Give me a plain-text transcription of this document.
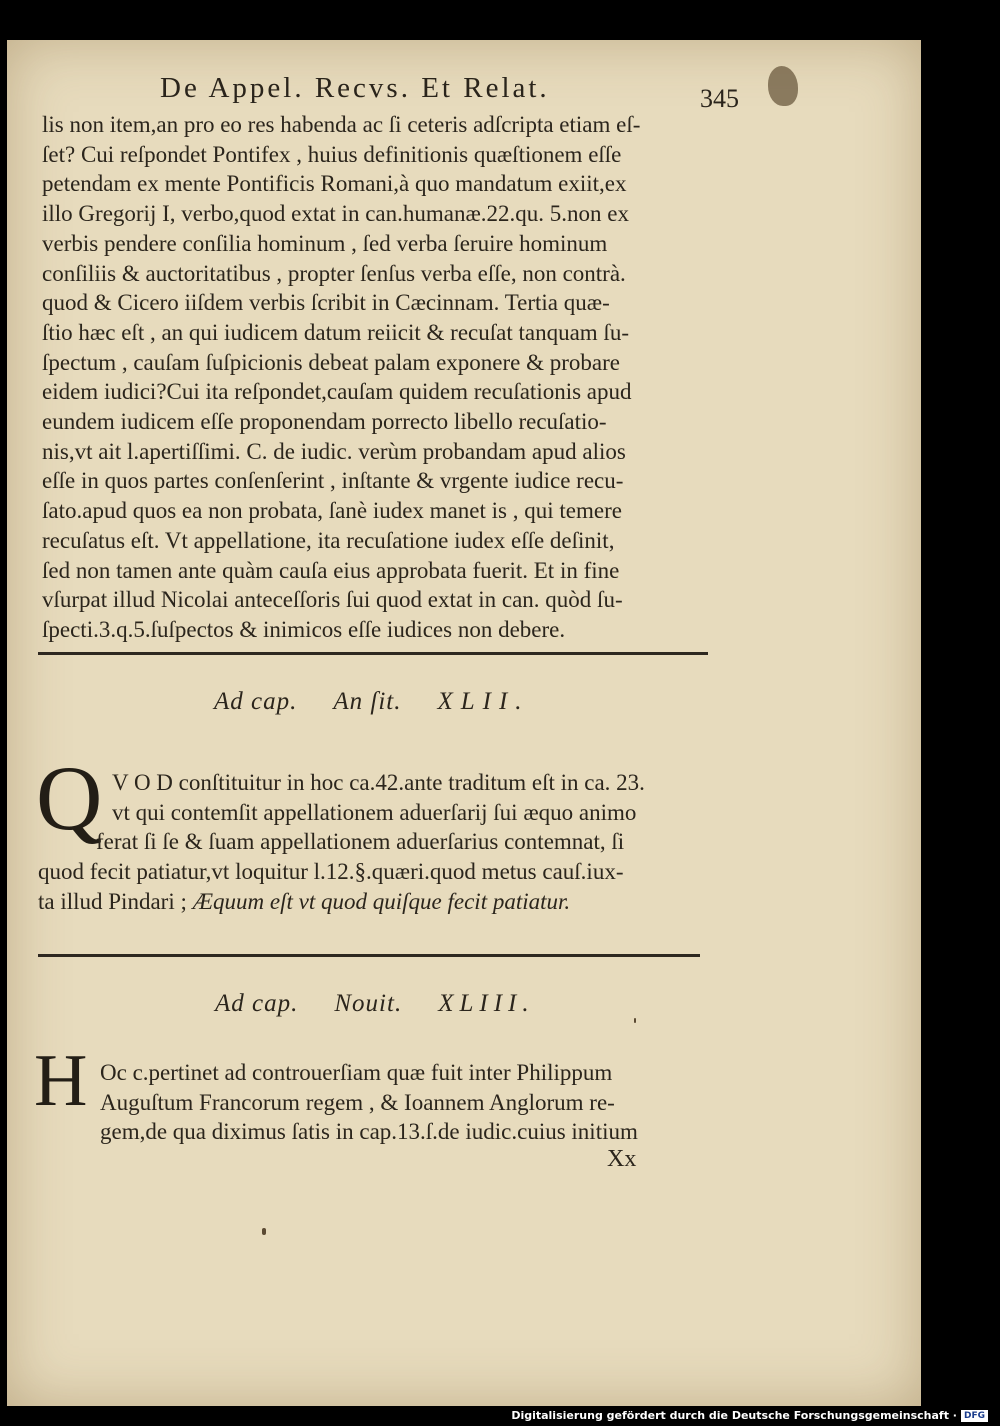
De Appel. Recvs. Et Relat.	345

lis non item,an pro eo res habenda ac ſi ceteris adſcripta etiam eſ-

ſet? Cui reſpondet Pontifex , huius definitionis quæſtionem eſſe

petendam ex mente Pontificis Romani,à quo mandatum exiit,ex

illo Gregorij I, verbo,quod extat in can.humanæ.22.qu. 5.non ex

verbis pendere conſilia hominum , ſed verba ſeruire hominum

conſiliis & auctoritatibus , propter ſenſus verba eſſe, non contrà.

quod & Cicero iiſdem verbis ſcribit in Cæcinnam. Tertia quæ-

ſtio hæc eſt , an qui iudicem datum reiicit & recuſat tanquam ſu-

ſpectum , cauſam ſuſpicionis debeat palam exponere & probare

eidem iudici?Cui ita reſpondet,cauſam quidem recuſationis apud

eundem iudicem eſſe proponendam porrecto libello recuſatio-

nis,vt ait l.apertiſſimi. C. de iudic. verùm probandam apud alios

eſſe in quos partes conſenſerint , inſtante & vrgente iudice recu-

ſato.apud quos ea non probata, ſanè iudex manet is , qui temere

recuſatus eſt. Vt appellatione, ita recuſatione iudex eſſe deſinit,

ſed non tamen ante quàm cauſa eius approbata fuerit. Et in fine

vſurpat illud Nicolai anteceſſoris ſui quod extat in can. quòd ſu-

ſpecti.3.q.5.ſuſpectos & inimicos eſſe iudices non debere.

Ad cap. An ſit. XLII.
Q V O D conſtituitur in hoc ca.42.ante traditum eſt in ca. 23.

vt qui contemſit appellationem aduerſarij ſui æquo animo

ferat ſi ſe & ſuam appellationem aduerſarius contemnat, ſi

quod fecit patiatur,vt loquitur l.12.§.quæri.quod metus cauſ.iux-

ta illud Pindari ; Æquum eſt vt quod quiſque fecit patiatur.

Ad cap. Nouit. XLIII.
H Oc c.pertinet ad controuerſiam quæ fuit inter Philippum

Auguſtum Francorum regem , & Ioannem Anglorum re-

gem,de qua diximus ſatis in cap.13.ſ.de iudic.cuius initium

Xx
Digitalisierung gefördert durch die Deutsche Forschungsgemeinschaft · DFG
